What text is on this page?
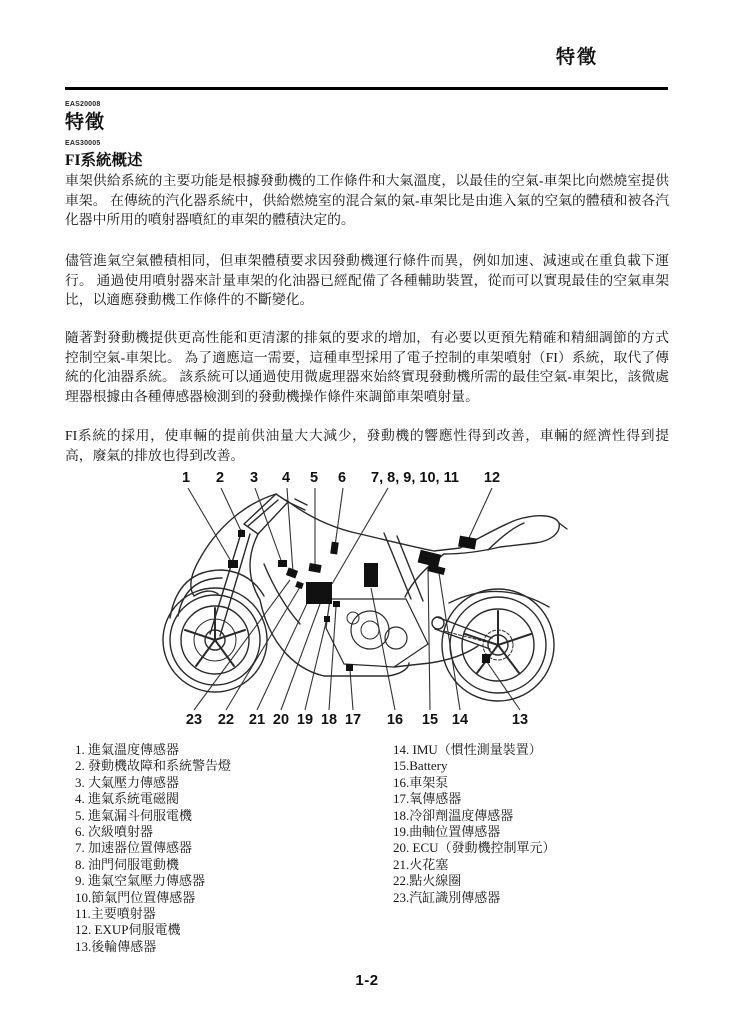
特徵
EAS20008
特徵
EAS30005
FI系統概述

車架供給系統的主要功能是根據發動機的工作條件和大氣溫度，以最佳的空氣-車架比向燃燒室提供車架。 在傳統的汽化器系統中，供給燃燒室的混合氣的氣-車架比是由進入氣的空氣的體積和被各汽化器中所用的噴射器噴紅的車架的體積決定的。

儘管進氣空氣體積相同，但車架體積要求因發動機運行條件而異，例如加速、減速或在重負載下運行。 通過使用噴射器來計量車架的化油器已經配備了各種輔助裝置，從而可以實現最佳的空氣車架比，以適應發動機工作條件的不斷變化。

隨著對發動機提供更高性能和更清潔的排氣的要求的增加，有必要以更預先精確和精細調節的方式控制空氣-車架比。 為了適應這一需要，這種車型採用了電子控制的車架噴射（FI）系統，取代了傳統的化油器系統。 該系統可以通過使用微處理器來始終實現發動機所需的最佳空氣-車架比，該微處理器根據由各種傳感器檢測到的發動機操作條件來調節車架噴射量。

FI系統的採用，使車輛的提前供油量大大減少，發動機的響應性得到改善，車輛的經濟性得到提高，廢氣的排放也得到改善。

1 2 3 4 5 6 7, 8, 9, 10, 11 12
23 22 21 20 19 18 17 16 15 14	13
1. 進氣溫度傳感器
2. 發動機故障和系統警告燈
3. 大氣壓力傳感器
4. 進氣系統電磁閥
5. 進氣漏斗伺服電機
6. 次級噴射器
7. 加速器位置傳感器
8. 油門伺服電動機
9. 進氣空氣壓力傳感器
10.節氣門位置傳感器
11.主要噴射器
12. EXUP伺服電機
13.後輪傳感器
14. IMU（慣性測量裝置）
15.Battery
16.車架泵
17.氧傳感器
18.冷卻劑溫度傳感器
19.曲軸位置傳感器
20. ECU（發動機控制單元）
21.火花塞
22.點火線圈
23.汽缸識別傳感器
1-2
